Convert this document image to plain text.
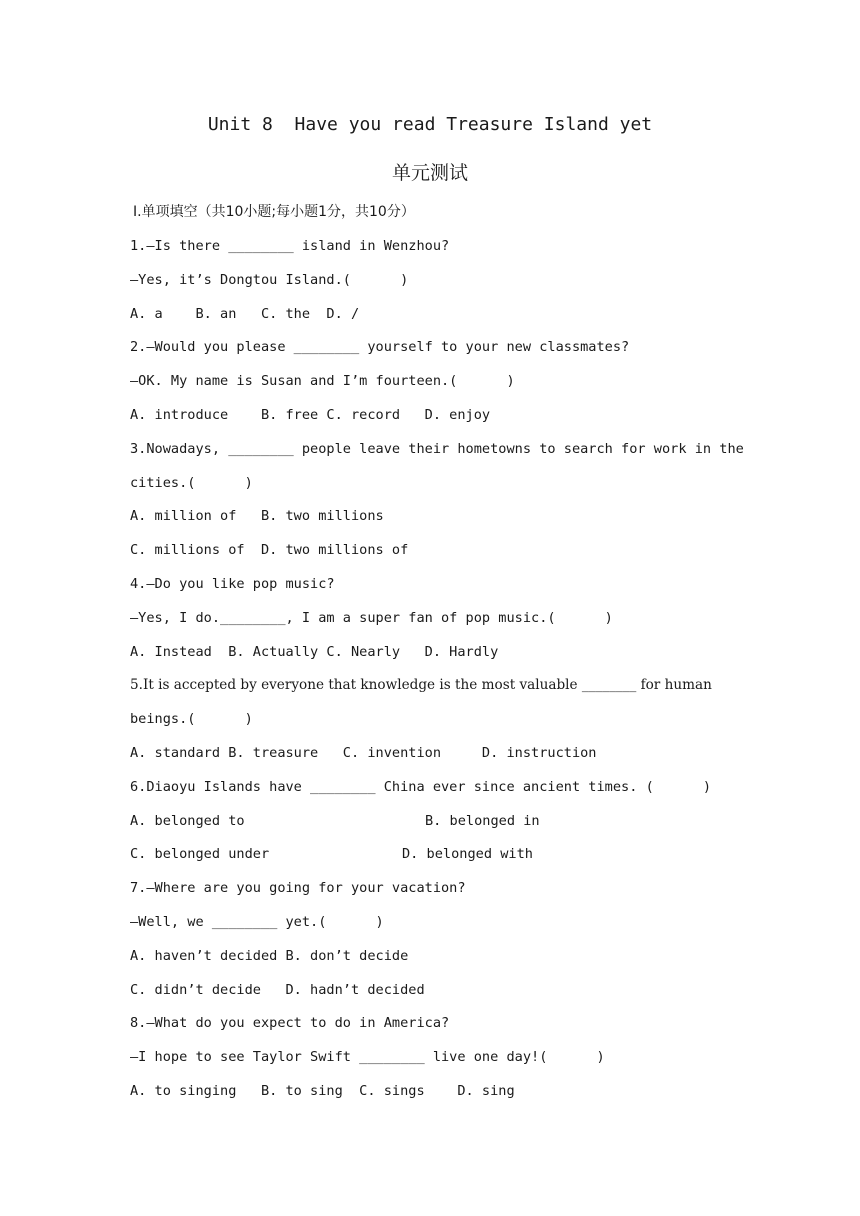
Unit 8  Have you read Treasure Island yet
单元测试
Ⅰ.单项填空（共10小题;每小题1分，共10分）
1.—Is there ________ island in Wenzhou?
—Yes, it’s Dongtou Island.(      )
A. a    B. an   C. the  D. /
2.—Would you please ________ yourself to your new classmates?
—OK. My name is Susan and I’m fourteen.(      )
A. introduce    B. free C. record   D. enjoy
3.Nowadays, ________ people leave their hometowns to search for work in the
cities.(      )
A. million of   B. two millions
C. millions of  D. two millions of
4.—Do you like pop music?
—Yes, I do.________, I am a super fan of pop music.(      )
A. Instead  B. Actually C. Nearly   D. Hardly
5.It is accepted by everyone that knowledge is the most valuable ________ for human
beings.(      )
A. standard B. treasure   C. invention     D. instruction
6.Diaoyu Islands have ________ China ever since ancient times. (      )

A. belonged to

	B. belonged in

C. belonged under

	D. belonged with

7.—Where are you going for your vacation?
—Well, we ________ yet.(      )
A. haven’t decided B. don’t decide
C. didn’t decide   D. hadn’t decided
8.—What do you expect to do in America?
—I hope to see Taylor Swift ________ live one day!(      )
A. to singing   B. to sing  C. sings    D. sing
